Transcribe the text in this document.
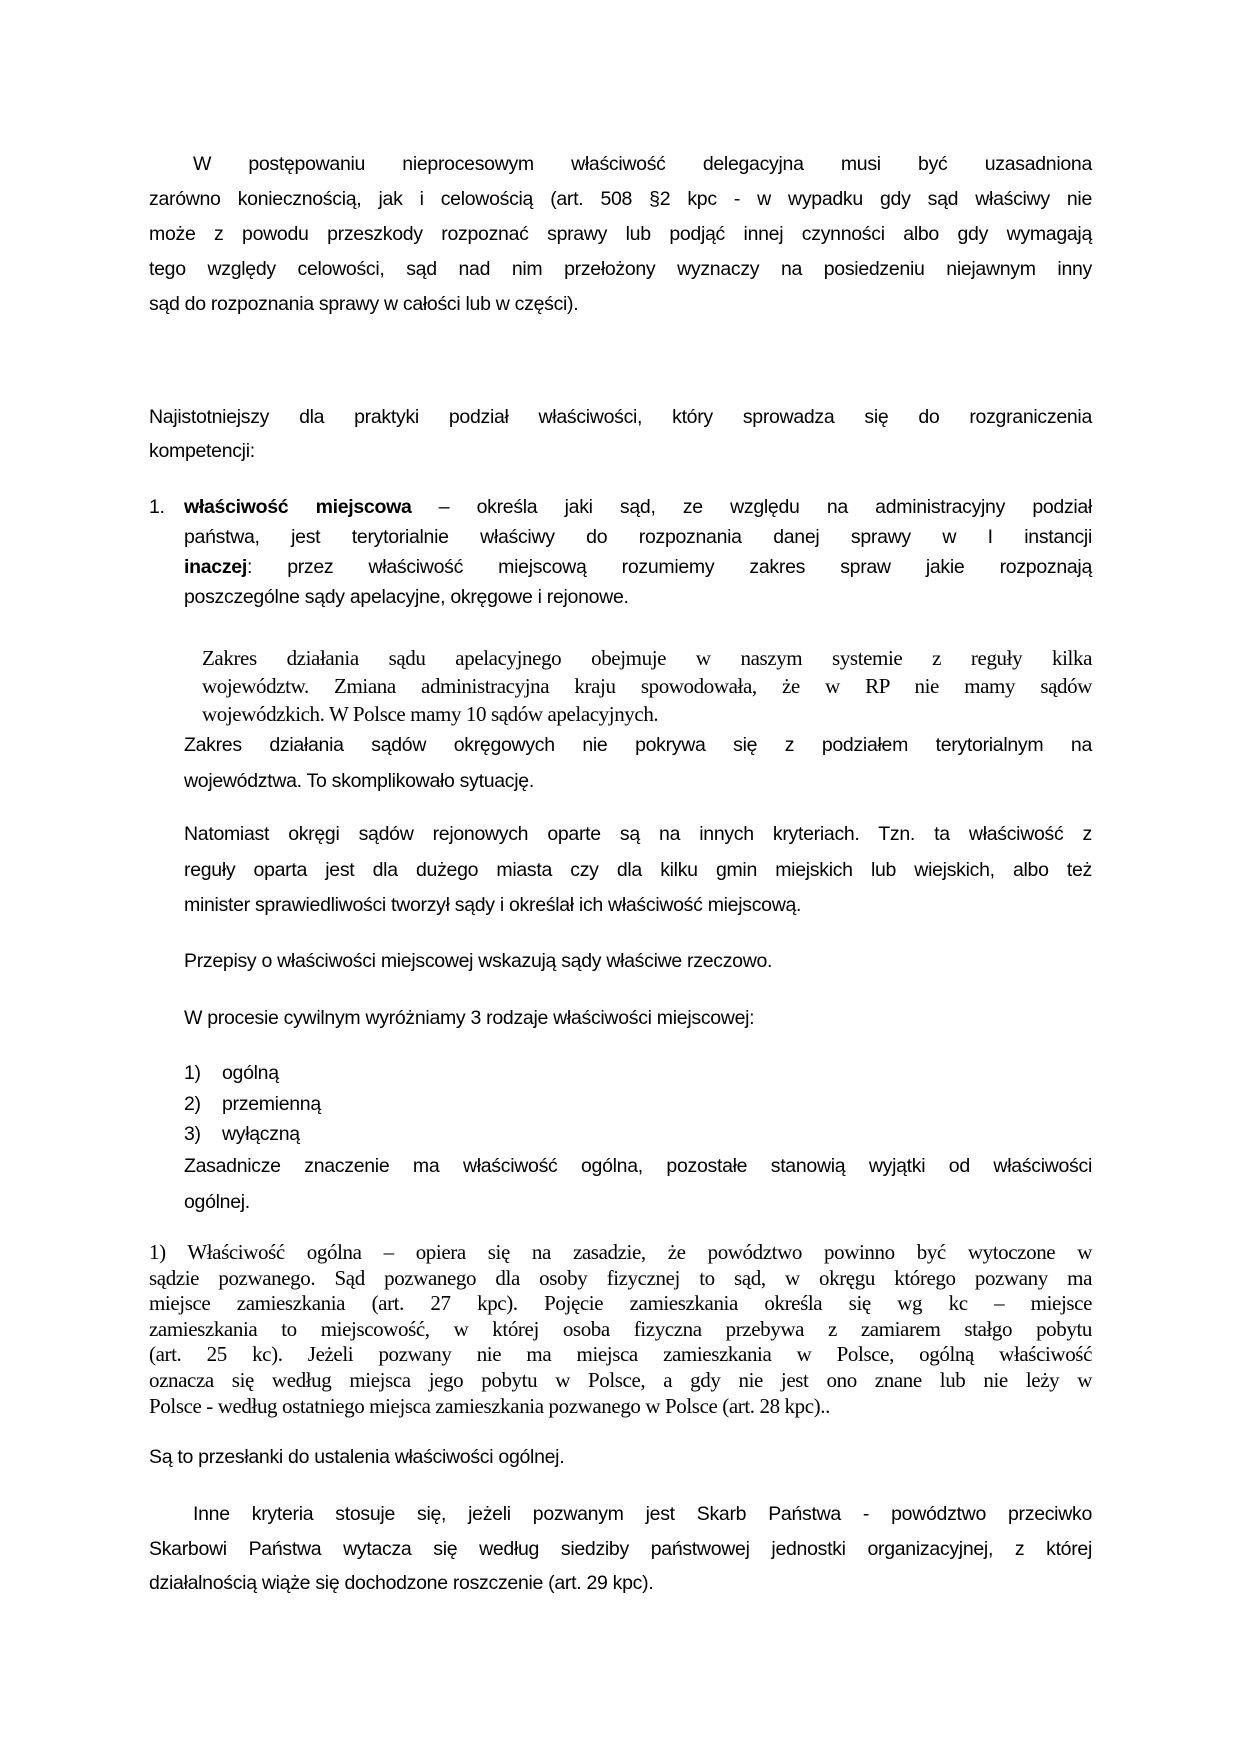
W postępowaniu nieprocesowym właściwość delegacyjna musi być uzasadniona
zarówno koniecznością, jak i celowością (art. 508 §2 kpc - w wypadku gdy sąd właściwy nie
może z powodu przeszkody rozpoznać sprawy lub podjąć innej czynności albo gdy wymagają
tego względy celowości, sąd nad nim przełożony wyznaczy na posiedzeniu niejawnym inny
sąd do rozpoznania sprawy w całości lub w części).
Najistotniejszy dla praktyki podział właściwości, który sprowadza się do rozgraniczenia
kompetencji:
1. właściwość miejscowa – określa jaki sąd, ze względu na administracyjny podział
państwa, jest terytorialnie właściwy do rozpoznania danej sprawy w I instancji
inaczej: przez właściwość miejscową rozumiemy zakres spraw jakie rozpoznają
poszczególne sądy apelacyjne, okręgowe i rejonowe.
Zakres działania sądu apelacyjnego obejmuje w naszym systemie z reguły kilka
województw. Zmiana administracyjna kraju spowodowała, że w RP nie mamy sądów
wojewódzkich. W Polsce mamy 10 sądów apelacyjnych.
Zakres działania sądów okręgowych nie pokrywa się z podziałem terytorialnym na
województwa. To skomplikowało sytuację.
Natomiast okręgi sądów rejonowych oparte są na innych kryteriach. Tzn. ta właściwość z
reguły oparta jest dla dużego miasta czy dla kilku gmin miejskich lub wiejskich, albo też
minister sprawiedliwości tworzył sądy i określał ich właściwość miejscową.
Przepisy o właściwości miejscowej wskazują sądy właściwe rzeczowo.
W procesie cywilnym wyróżniamy 3 rodzaje właściwości miejscowej:
1) ogólną
2) przemienną
3) wyłączną
Zasadnicze znaczenie ma właściwość ogólna, pozostałe stanowią wyjątki od właściwości
ogólnej.
1) Właściwość ogólna – opiera się na zasadzie, że powództwo powinno być wytoczone w
sądzie pozwanego. Sąd pozwanego dla osoby fizycznej to sąd, w okręgu którego pozwany ma
miejsce zamieszkania (art. 27 kpc). Pojęcie zamieszkania określa się wg kc – miejsce
zamieszkania to miejscowość, w której osoba fizyczna przebywa z zamiarem stałgo pobytu
(art. 25 kc). Jeżeli pozwany nie ma miejsca zamieszkania w Polsce, ogólną właściwość
oznacza się według miejsca jego pobytu w Polsce, a gdy nie jest ono znane lub nie leży w
Polsce - według ostatniego miejsca zamieszkania pozwanego w Polsce (art. 28 kpc)..
Są to przesłanki do ustalenia właściwości ogólnej.
Inne kryteria stosuje się, jeżeli pozwanym jest Skarb Państwa - powództwo przeciwko
Skarbowi Państwa wytacza się według siedziby państwowej jednostki organizacyjnej, z której
działalnością wiąże się dochodzone roszczenie (art. 29 kpc).
